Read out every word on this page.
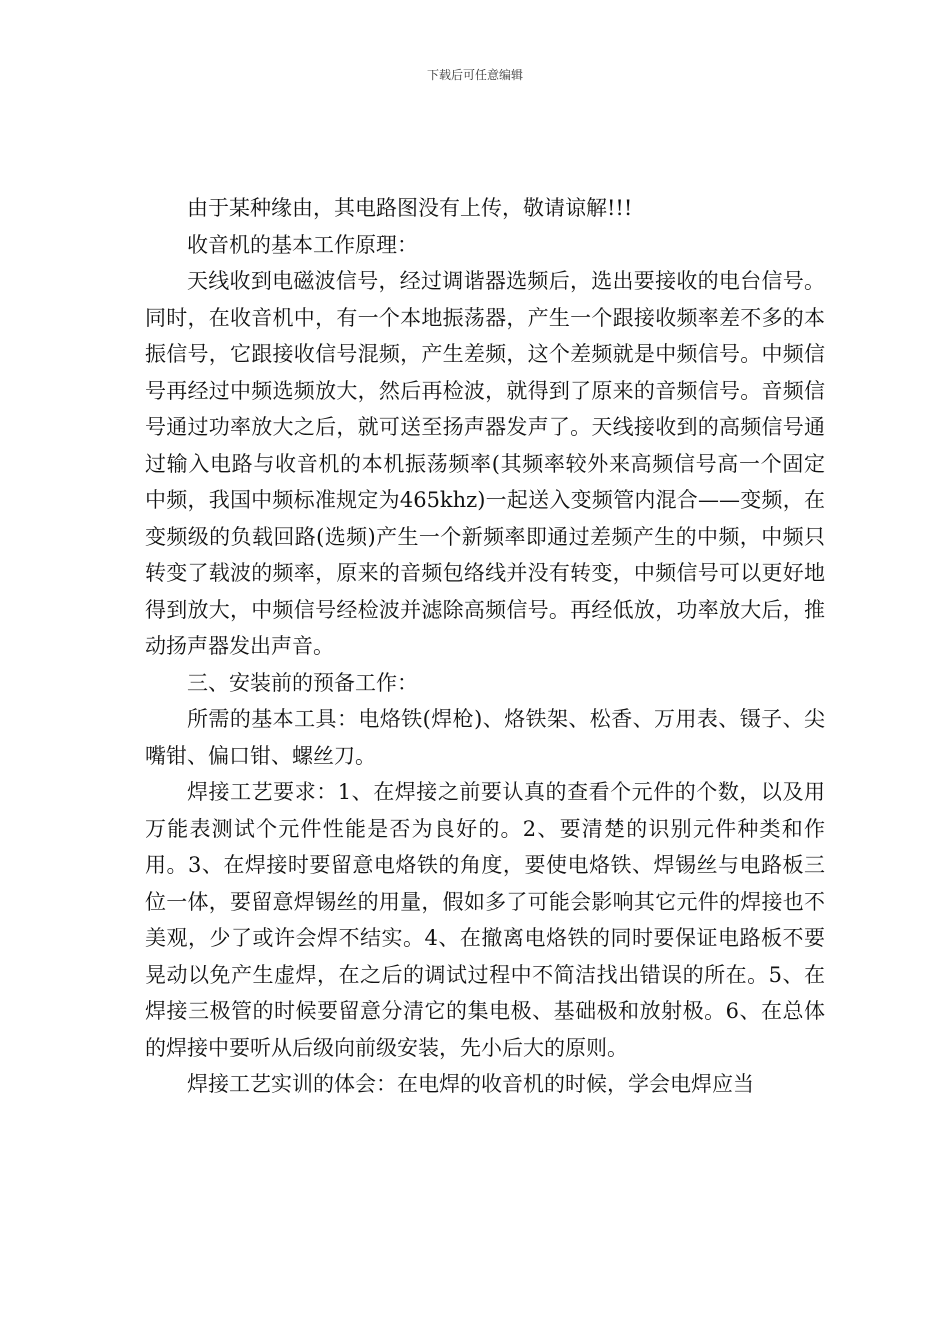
下载后可任意编辑

由于某种缘由，其电路图没有上传，敬请谅解!!!

收音机的基本工作原理：

天线收到电磁波信号，经过调谐器选频后，选出要接收的电台信号。同时，在收音机中，有一个本地振荡器，产生一个跟接收频率差不多的本振信号，它跟接收信号混频，产生差频，这个差频就是中频信号。中频信号再经过中频选频放大，然后再检波，就得到了原来的音频信号。音频信号通过功率放大之后，就可送至扬声器发声了。天线接收到的高频信号通过输入电路与收音机的本机振荡频率(其频率较外来高频信号高一个固定中频，我国中频标准规定为465khz)一起送入变频管内混合——变频，在变频级的负载回路(选频)产生一个新频率即通过差频产生的中频，中频只转变了载波的频率，原来的音频包络线并没有转变，中频信号可以更好地得到放大，中频信号经检波并滤除高频信号。再经低放，功率放大后，推动扬声器发出声音。

三、安装前的预备工作：

所需的基本工具：电烙铁(焊枪)、烙铁架、松香、万用表、镊子、尖嘴钳、偏口钳、螺丝刀。

焊接工艺要求：1、在焊接之前要认真的查看个元件的个数，以及用万能表测试个元件性能是否为良好的。2、要清楚的识别元件种类和作用。3、在焊接时要留意电烙铁的角度，要使电烙铁、焊锡丝与电路板三位一体，要留意焊锡丝的用量，假如多了可能会影响其它元件的焊接也不美观，少了或许会焊不结实。4、在撤离电烙铁的同时要保证电路板不要晃动以免产生虚焊，在之后的调试过程中不简洁找出错误的所在。5、在焊接三极管的时候要留意分清它的集电极、基础极和放射极。6、在总体的焊接中要听从后级向前级安装，先小后大的原则。

焊接工艺实训的体会：在电焊的收音机的时候，学会电焊应当
